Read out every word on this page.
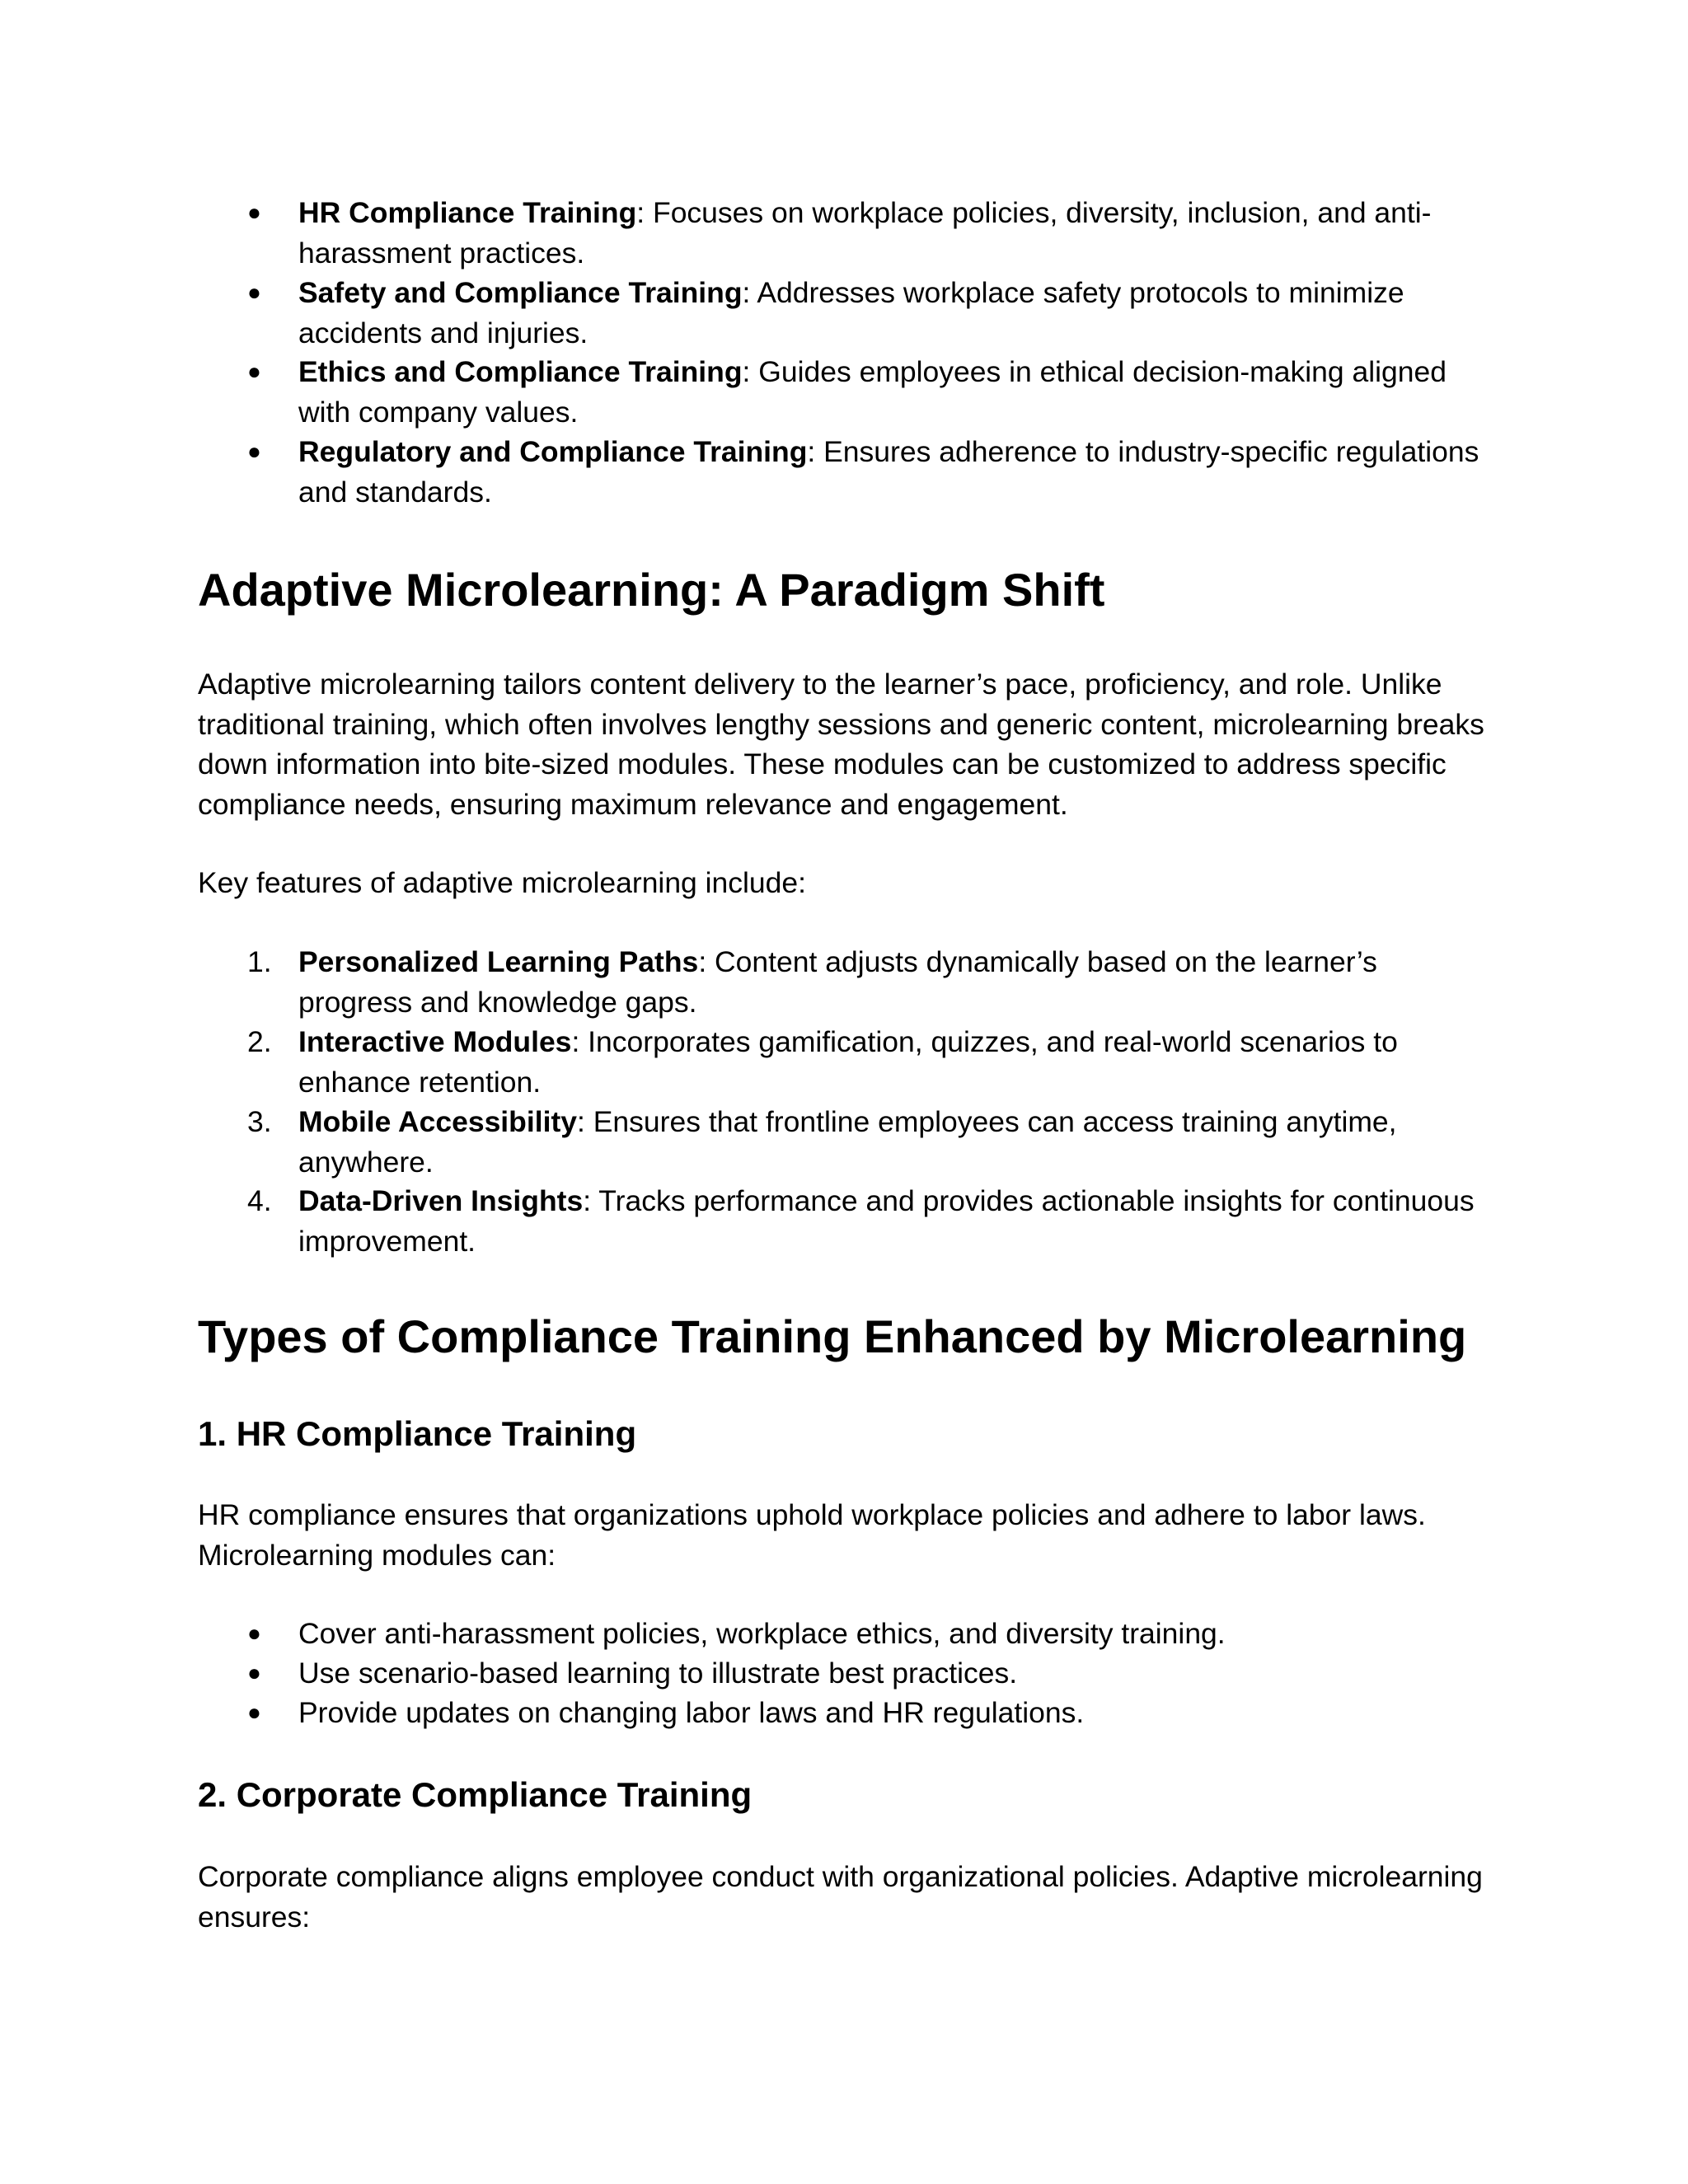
● HR Compliance Training: Focuses on workplace policies, diversity, inclusion, and anti-harassment practices.
● Safety and Compliance Training: Addresses workplace safety protocols to minimize accidents and injuries.
● Ethics and Compliance Training: Guides employees in ethical decision-making aligned with company values.
● Regulatory and Compliance Training: Ensures adherence to industry-specific regulations and standards.
Adaptive Microlearning: A Paradigm Shift

Adaptive microlearning tailors content delivery to the learner’s pace, proficiency, and role. Unlike traditional training, which often involves lengthy sessions and generic content, microlearning breaks down information into bite-sized modules. These modules can be customized to address specific compliance needs, ensuring maximum relevance and engagement.

Key features of adaptive microlearning include:

1. Personalized Learning Paths: Content adjusts dynamically based on the learner’s progress and knowledge gaps.
2. Interactive Modules: Incorporates gamification, quizzes, and real-world scenarios to enhance retention.
3. Mobile Accessibility: Ensures that frontline employees can access training anytime, anywhere.
4. Data-Driven Insights: Tracks performance and provides actionable insights for continuous improvement.
Types of Compliance Training Enhanced by Microlearning
1. HR Compliance Training

HR compliance ensures that organizations uphold workplace policies and adhere to labor laws. Microlearning modules can:

● Cover anti-harassment policies, workplace ethics, and diversity training.
● Use scenario-based learning to illustrate best practices.
● Provide updates on changing labor laws and HR regulations.
2. Corporate Compliance Training

Corporate compliance aligns employee conduct with organizational policies. Adaptive microlearning ensures:
